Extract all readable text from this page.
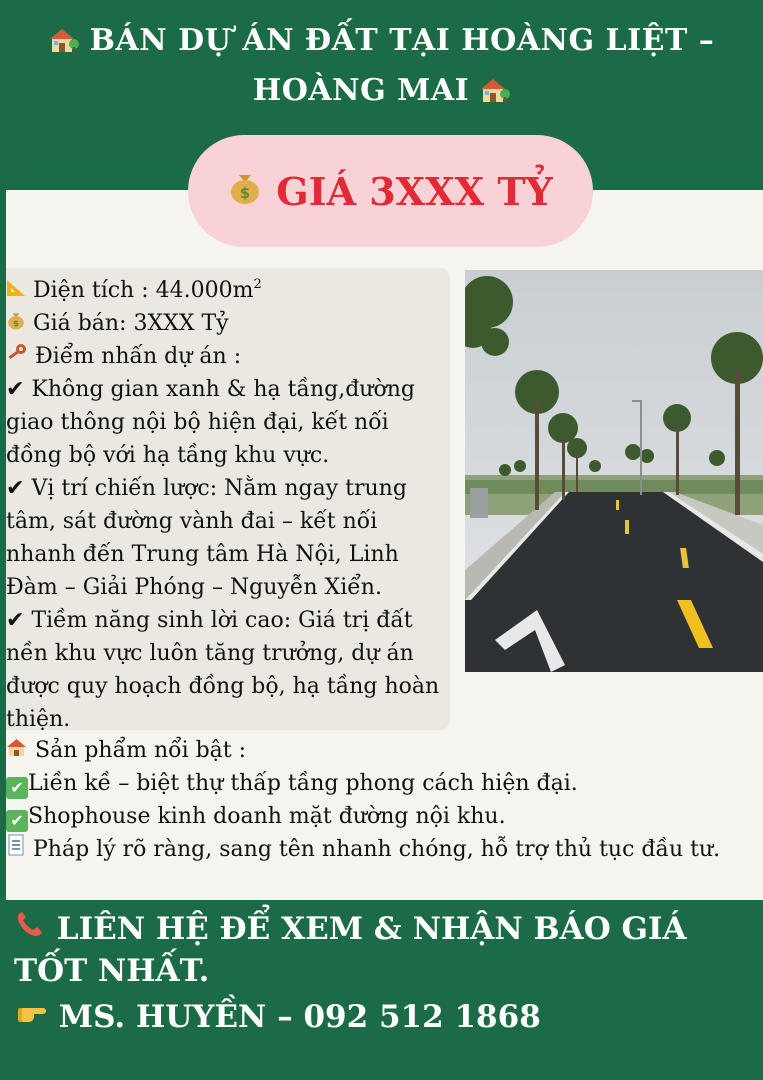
BÁN DỰ ÁN ĐẤT TẠI HOÀNG LIỆT –
HOÀNG MAI
$ GIÁ 3XXX TỶ

Diện tích : $44.000m^2$

$ Giá bán: 3XXX Tỷ

Điểm nhấn dự án :

✔ Không gian xanh & hạ tầng,đường giao thông nội bộ hiện đại, kết nối đồng bộ với hạ tầng khu vực.

✔ Vị trí chiến lược: Nằm ngay trung tâm, sát đường vành đai – kết nối nhanh đến Trung tâm Hà Nội, Linh Đàm – Giải Phóng – Nguyễn Xiển.

✔ Tiềm năng sinh lời cao: Giá trị đất nền khu vực luôn tăng trưởng, dự án được quy hoạch đồng bộ, hạ tầng hoàn thiện.

Sản phẩm nổi bật :

✔ Liền kề – biệt thự thấp tầng phong cách hiện đại.

✔ Shophouse kinh doanh mặt đường nội khu.

Pháp lý rõ ràng, sang tên nhanh chóng, hỗ trợ thủ tục đầu tư.

LIÊN HỆ ĐỂ XEM & NHẬN BÁO GIÁ TỐT NHẤT.
MS. HUYỀN – 092 512 1868
